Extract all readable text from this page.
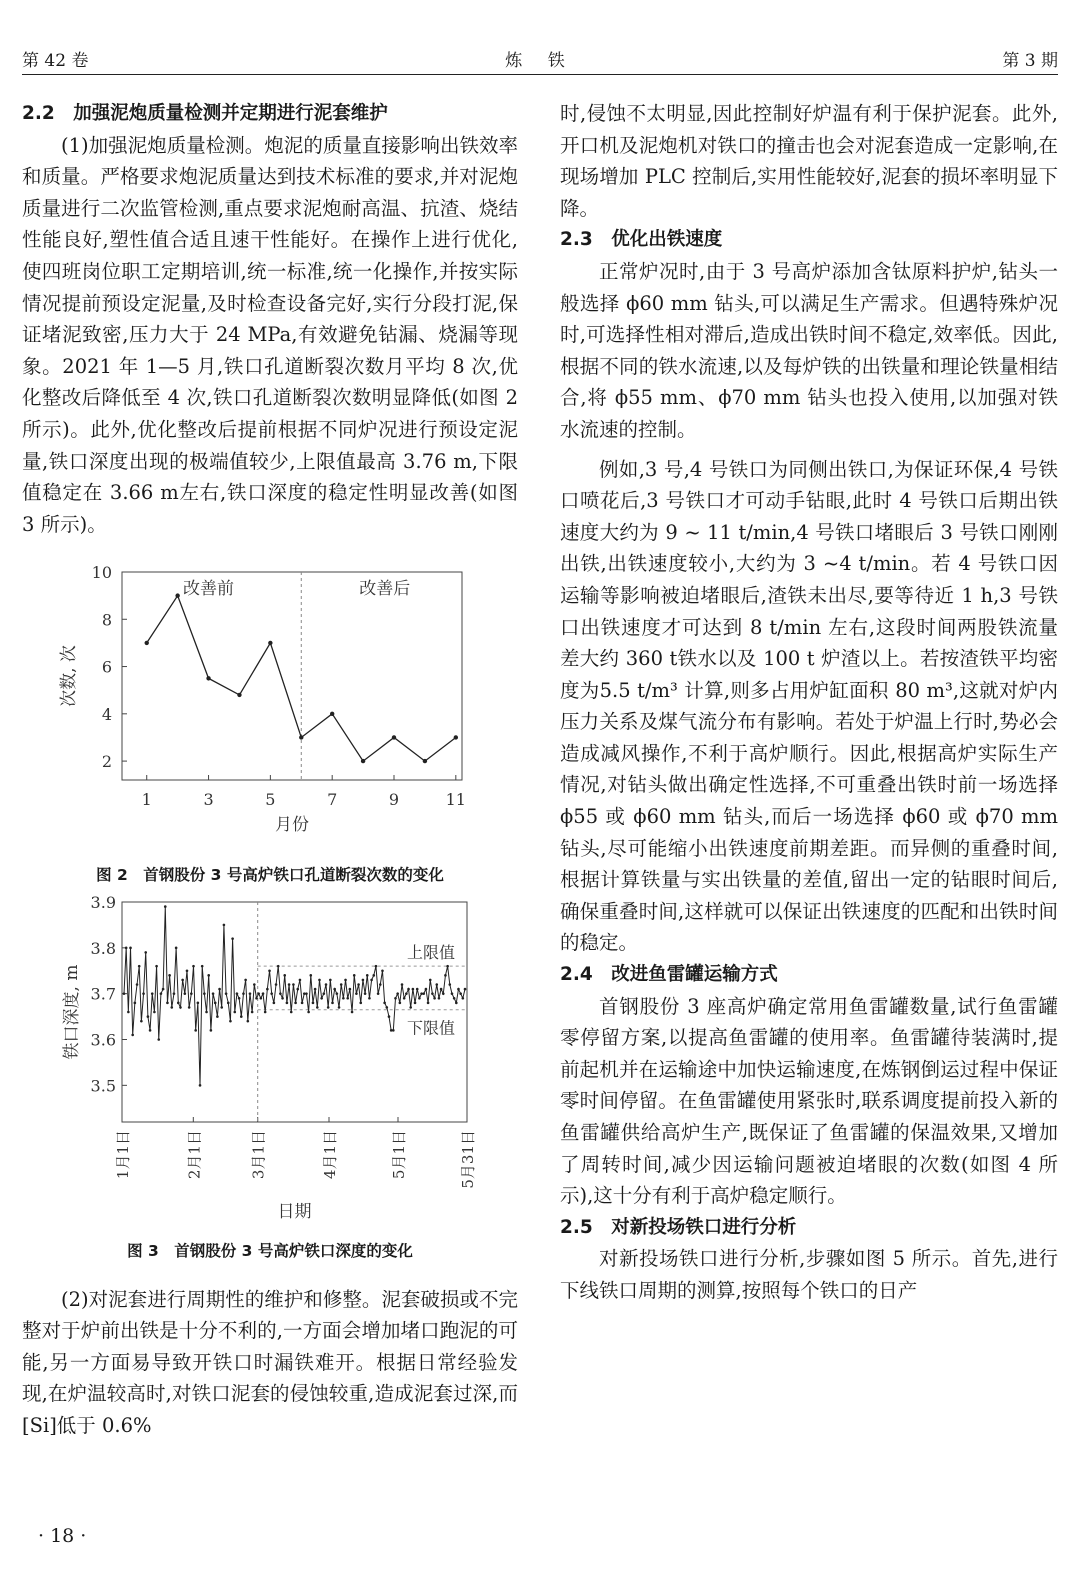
第 42 卷	炼 铁	第 3 期

2.2　加强泥炮质量检测并定期进行泥套维护

(1)加强泥炮质量检测。炮泥的质量直接影响出铁效率和质量。严格要求炮泥质量达到技术标准的要求,并对泥炮质量进行二次监管检测,重点要求泥炮耐高温、抗渣、烧结性能良好,塑性值合适且速干性能好。在操作上进行优化,使四班岗位职工定期培训,统一标准,统一化操作,并按实际情况提前预设定泥量,及时检查设备完好,实行分段打泥,保证堵泥致密,压力大于 24 MPa,有效避免钻漏、烧漏等现象。2021 年 1—5 月,铁口孔道断裂次数月平均 8 次,优化整改后降低至 4 次,铁口孔道断裂次数明显降低(如图 2 所示)。此外,优化整改后提前根据不同炉况进行预设定泥量,铁口深度出现的极端值较少,上限值最高 3.76 m,下限值稳定在 3.66 m左右,铁口深度的稳定性明显改善(如图 3 所示)。

2
4
6
8
10
1	3	5	7	9	11
改善前	改善后
月份
次数, 次
图 2　首钢股份 3 号高炉铁口孔道断裂次数的变化
3.5
3.6
3.7
3.8
3.9
1月1日	2月1日	3月1日	4月1日	5月1日	5月31日
上限值
下限值
日期
铁口深度, m
图 3　首钢股份 3 号高炉铁口深度的变化

(2)对泥套进行周期性的维护和修整。泥套破损或不完整对于炉前出铁是十分不利的,一方面会增加堵口跑泥的可能,另一方面易导致开铁口时漏铁难开。根据日常经验发现,在炉温较高时,对铁口泥套的侵蚀较重,造成泥套过深,而[Si]低于 0.6%

时,侵蚀不太明显,因此控制好炉温有利于保护泥套。此外,开口机及泥炮机对铁口的撞击也会对泥套造成一定影响,在现场增加 PLC 控制后,实用性能较好,泥套的损坏率明显下降。

2.3　优化出铁速度

正常炉况时,由于 3 号高炉添加含钛原料护炉,钻头一般选择 ϕ60 mm 钻头,可以满足生产需求。但遇特殊炉况时,可选择性相对滞后,造成出铁时间不稳定,效率低。因此,根据不同的铁水流速,以及每炉铁的出铁量和理论铁量相结合,将 ϕ55 mm、ϕ70 mm 钻头也投入使用,以加强对铁水流速的控制。

例如,3 号,4 号铁口为同侧出铁口,为保证环保,4 号铁口喷花后,3 号铁口才可动手钻眼,此时 4 号铁口后期出铁速度大约为 9 ~ 11 t/min,4 号铁口堵眼后 3 号铁口刚刚出铁,出铁速度较小,大约为 3 ~4 t/min。若 4 号铁口因运输等影响被迫堵眼后,渣铁未出尽,要等待近 1 h,3 号铁口出铁速度才可达到 8 t/min 左右,这段时间两股铁流量差大约 360 t铁水以及 100 t 炉渣以上。若按渣铁平均密度为5.5 t/m³ 计算,则多占用炉缸面积 80 m³,这就对炉内压力关系及煤气流分布有影响。若处于炉温上行时,势必会造成减风操作,不利于高炉顺行。因此,根据高炉实际生产情况,对钻头做出确定性选择,不可重叠出铁时前一场选择 ϕ55 或 ϕ60 mm 钻头,而后一场选择 ϕ60 或 ϕ70 mm 钻头,尽可能缩小出铁速度前期差距。而异侧的重叠时间,根据计算铁量与实出铁量的差值,留出一定的钻眼时间后,确保重叠时间,这样就可以保证出铁速度的匹配和出铁时间的稳定。

2.4　改进鱼雷罐运输方式

首钢股份 3 座高炉确定常用鱼雷罐数量,试行鱼雷罐零停留方案,以提高鱼雷罐的使用率。鱼雷罐待装满时,提前起机并在运输途中加快运输速度,在炼钢倒运过程中保证零时间停留。在鱼雷罐使用紧张时,联系调度提前投入新的鱼雷罐供给高炉生产,既保证了鱼雷罐的保温效果,又增加了周转时间,减少因运输问题被迫堵眼的次数(如图 4 所示),这十分有利于高炉稳定顺行。

2.5　对新投场铁口进行分析

对新投场铁口进行分析,步骤如图 5 所示。首先,进行下线铁口周期的测算,按照每个铁口的日产

· 18 ·
